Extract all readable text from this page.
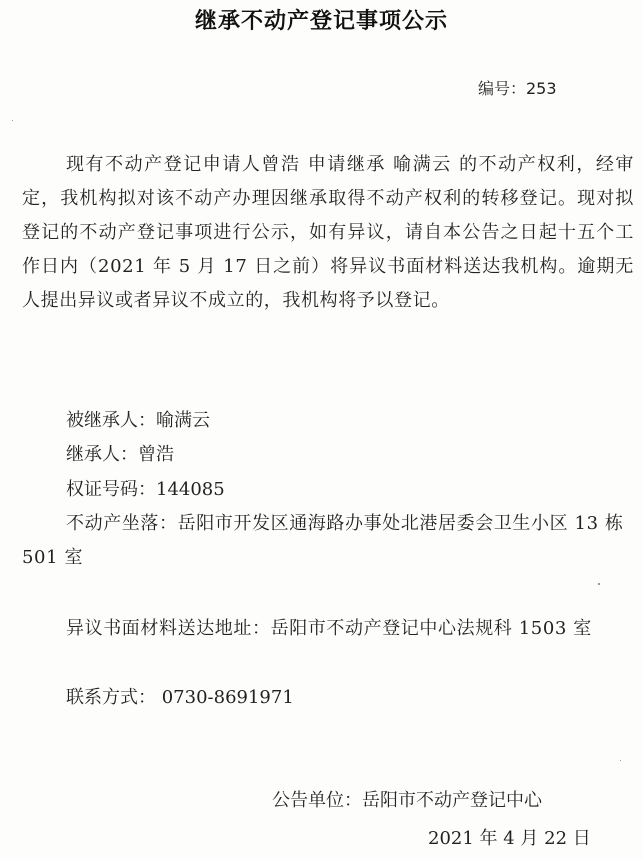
继承不动产登记事项公示
编号：253

现有不动产登记申请人曾浩 申请继承 喻满云 的不动产权利，经审定，我机构拟对该不动产办理因继承取得不动产权利的转移登记。现对拟登记的不动产登记事项进行公示，如有异议，请自本公告之日起十五个工作日内（2021 年 5 月 17 日之前）将异议书面材料送达我机构。逾期无人提出异议或者异议不成立的，我机构将予以登记。

被继承人：喻满云

继承人：曾浩

权证号码：144085

不动产坐落：岳阳市开发区通海路办事处北港居委会卫生小区 13 栋 501 室

异议书面材料送达地址：岳阳市不动产登记中心法规科 1503 室

联系方式： 0730-8691971

公告单位：岳阳市不动产登记中心

2021 年 4 月 22 日
